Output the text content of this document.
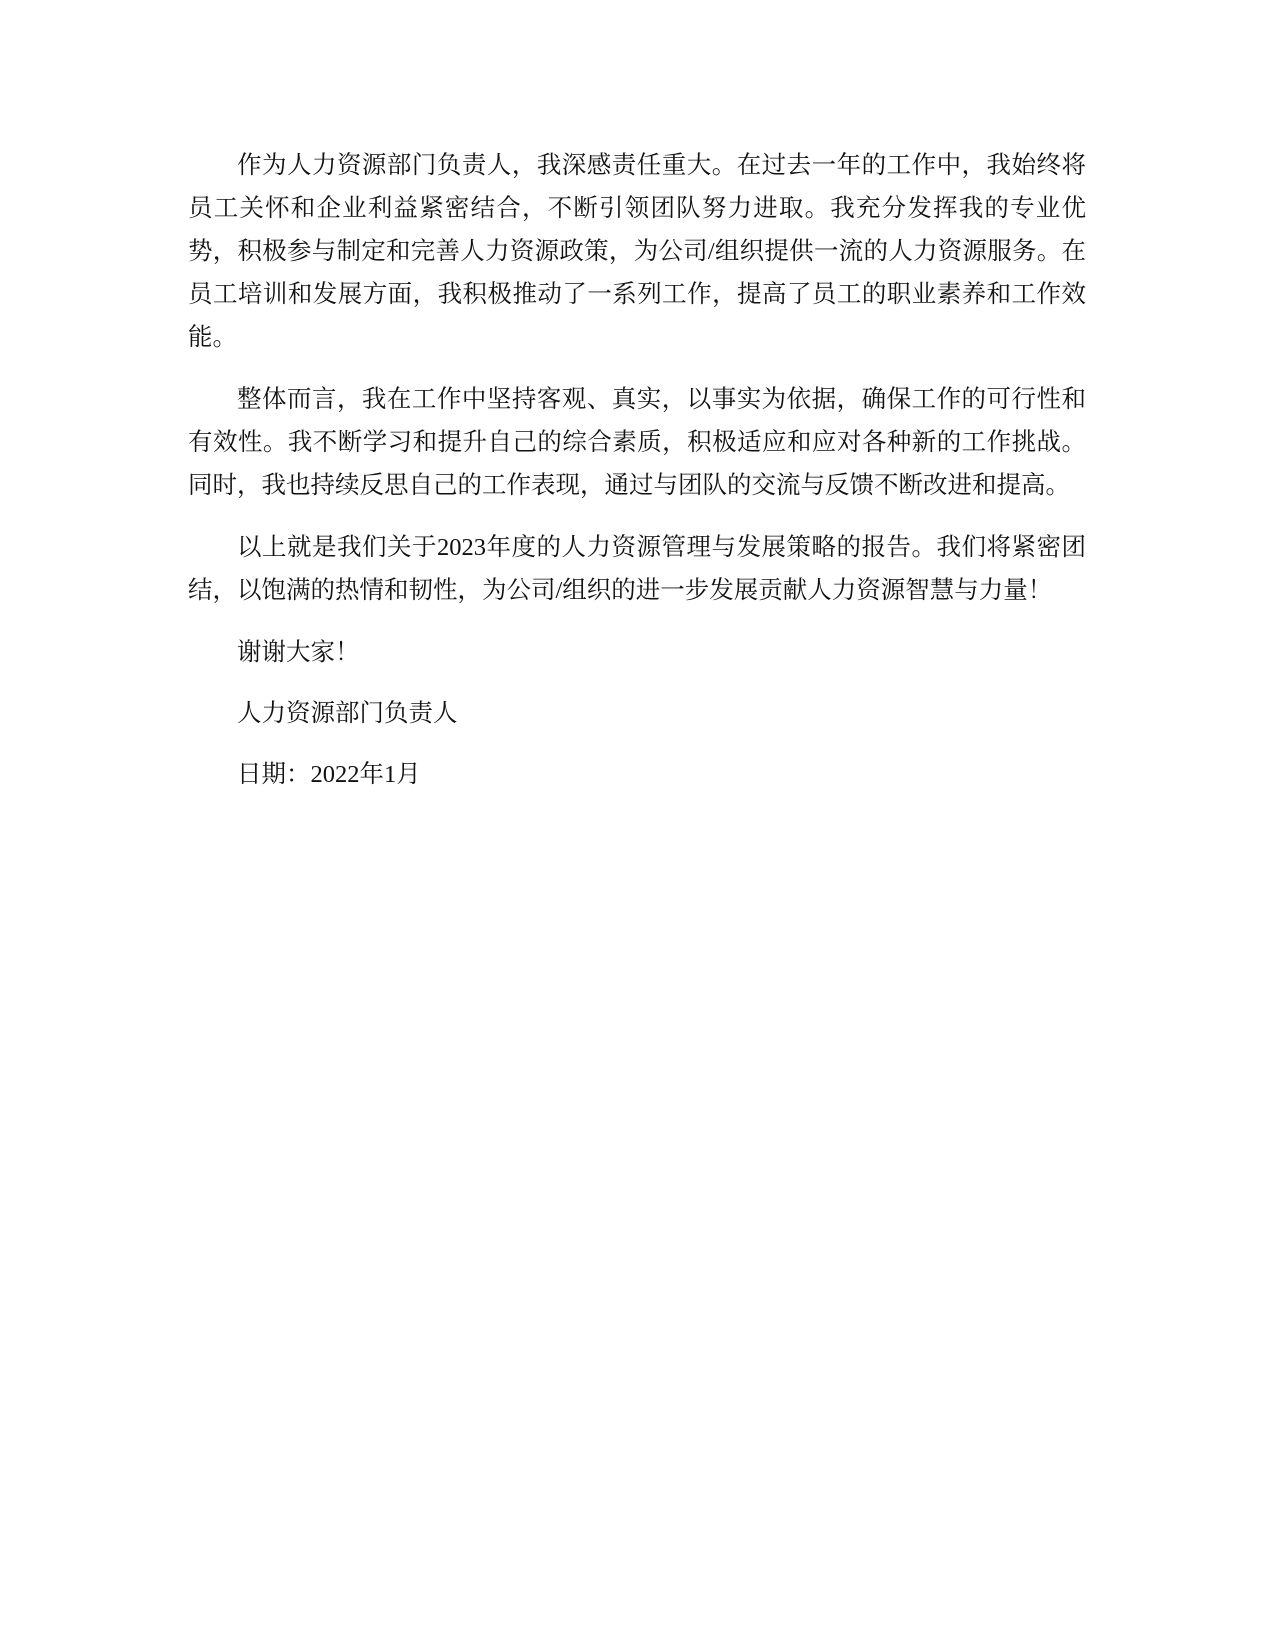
作为人力资源部门负责人，我深感责任重大。在过去一年的工作中，我始终将员工关怀和企业利益紧密结合，不断引领团队努力进取。我充分发挥我的专业优势，积极参与制定和完善人力资源政策，为公司/组织提供一流的人力资源服务。在员工培训和发展方面，我积极推动了一系列工作，提高了员工的职业素养和工作效能。

整体而言，我在工作中坚持客观、真实，以事实为依据，确保工作的可行性和有效性。我不断学习和提升自己的综合素质，积极适应和应对各种新的工作挑战。同时，我也持续反思自己的工作表现，通过与团队的交流与反馈不断改进和提高。

以上就是我们关于2023年度的人力资源管理与发展策略的报告。我们将紧密团结，以饱满的热情和韧性，为公司/组织的进一步发展贡献人力资源智慧与力量！

谢谢大家！

人力资源部门负责人

日期：2022年1月
